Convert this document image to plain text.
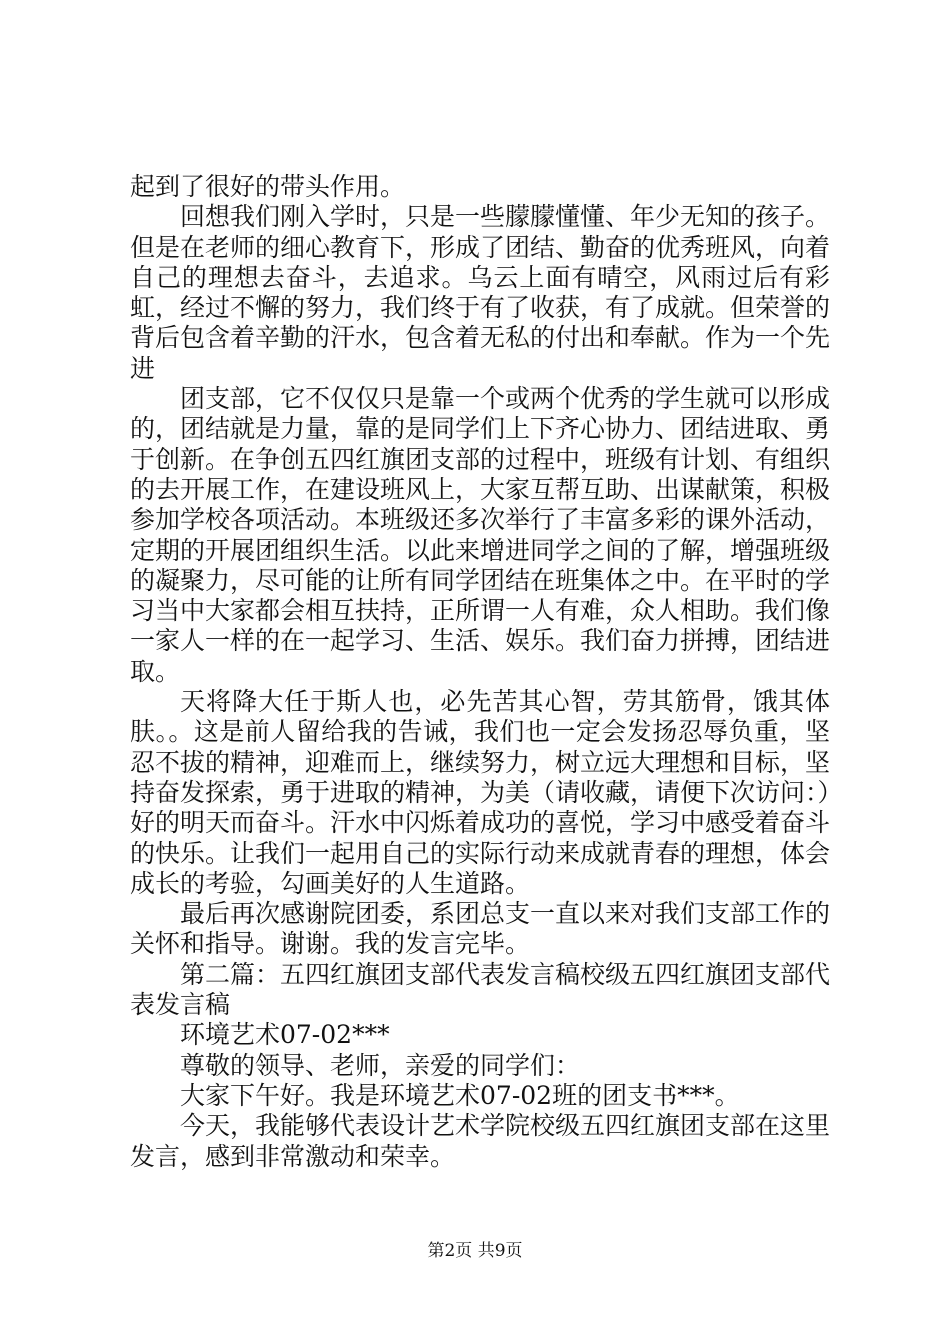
起到了很好的带头作用。

回想我们刚入学时，只是一些朦朦懂懂、年少无知的孩子。但是在老师的细心教育下，形成了团结、勤奋的优秀班风，向着自己的理想去奋斗，去追求。乌云上面有晴空，风雨过后有彩虹，经过不懈的努力，我们终于有了收获，有了成就。但荣誉的背后包含着辛勤的汗水，包含着无私的付出和奉献。作为一个先进

团支部，它不仅仅只是靠一个或两个优秀的学生就可以形成的，团结就是力量，靠的是同学们上下齐心协力、团结进取、勇于创新。在争创五四红旗团支部的过程中，班级有计划、有组织的去开展工作，在建设班风上，大家互帮互助、出谋献策，积极参加学校各项活动。本班级还多次举行了丰富多彩的课外活动，定期的开展团组织生活。以此来增进同学之间的了解，增强班级的凝聚力，尽可能的让所有同学团结在班集体之中。在平时的学习当中大家都会相互扶持，正所谓一人有难，众人相助。我们像一家人一样的在一起学习、生活、娱乐。我们奋力拼搏，团结进取。

天将降大任于斯人也，必先苦其心智，劳其筋骨，饿其体肤。。这是前人留给我的告诫，我们也一定会发扬忍辱负重，坚忍不拔的精神，迎难而上，继续努力，树立远大理想和目标，坚持奋发探索，勇于进取的精神，为美（请收藏，请便下次访问：）好的明天而奋斗。汗水中闪烁着成功的喜悦，学习中感受着奋斗的快乐。让我们一起用自己的实际行动来成就青春的理想，体会成长的考验，勾画美好的人生道路。

最后再次感谢院团委，系团总支一直以来对我们支部工作的关怀和指导。谢谢。我的发言完毕。

第二篇：五四红旗团支部代表发言稿校级五四红旗团支部代表发言稿

环境艺术07-02***

尊敬的领导、老师，亲爱的同学们：

大家下午好。我是环境艺术07-02班的团支书***。

今天，我能够代表设计艺术学院校级五四红旗团支部在这里发言，感到非常激动和荣幸。

第2页 共9页
